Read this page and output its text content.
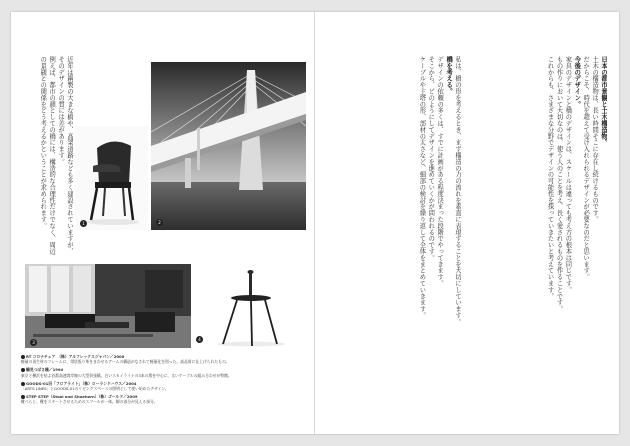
1	2
3
4

RT コロナチェア　（株）アルフレックスジャパン／2000

軽量の再生材のフレームに、帯状張り革をまわせるアームの構造がなされて軽量化を図った。高品質に仕上げられたもの。

鶴見つばさ橋／1994

東京と横浜を結ぶ首都高速湾岸線の大型斜張橋。白いスカイライナの3本の塔を中心に、太いケーブルの組み合わせが特徴。

GOODS-01旧「フロアライト」（株）ローランドハウス／2004

「ARTS LINES」とGOODS-01のリビングスペースの照明として使い始めたデザイン。

STEP STEP（Stool and Shoehorn）（株）ゴールド／2009

靴べらと、靴をスタートさせるためのスツールが一体。脚の部分が見える部分。

近年は鋼製の大きな橋や、高架道路なども多く建設されていますが、そのデザインの質には差があります。

例えば、都市の顔としての橋には、構造的な合理性だけでなく、周辺の景観との関係をどう考えるかということが求められます。	私は、橋の形を考えるとき、まず構造の力の流れを素直に表現することを大切にしています。

橋を考える。

デザインの依頼の多くは、すでに計画がある程度決まった段階でやってきます。

そこから、どのようにしてデザインを進めていくかが問われるのです。

ケーブルや主塔の形、部材の太さなど、細部の検討を繰り返して全体をまとめていきます。	日本の都市景観と土木構造物。

土木の構造物は、長い時間そこに存在し続けるものです。

だからこそ、時代を超えて受け入れられるデザインが必要なのだと思います。

今後のデザイン。

家具のデザインと橋のデザインは、スケールは違っても考え方の根本は同じです。

もの作りにおいて大切なのは、使う人のことを考え、長く愛されるものを作ることです。

これからも、さまざまな分野でデザインの可能性を探っていきたいと考えています。
